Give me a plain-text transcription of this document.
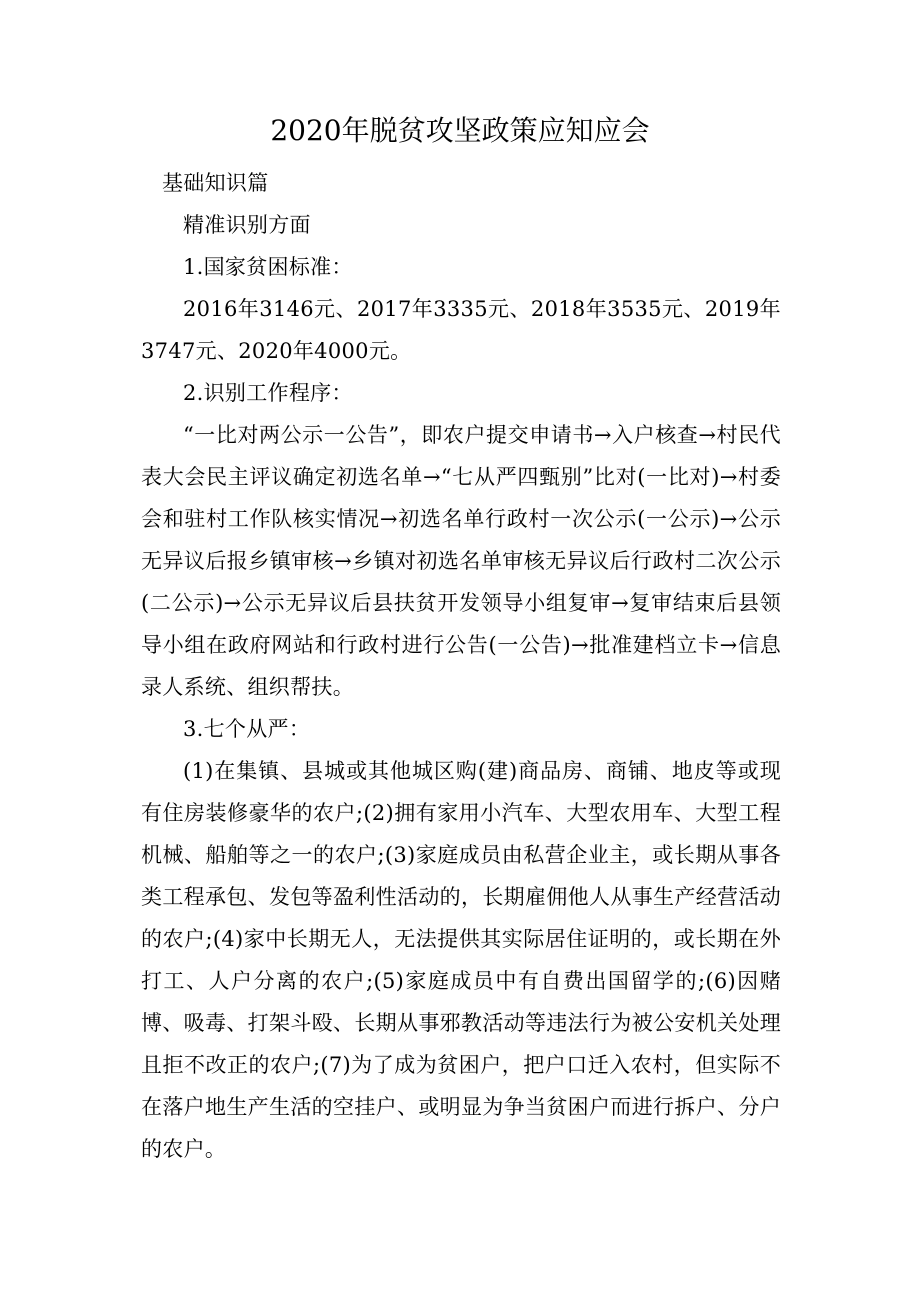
2020年脱贫攻坚政策应知应会

基础知识篇

精准识别方面

1.国家贫困标准：

2016年3146元、2017年3335元、2018年3535元、2019年3747元、2020年4000元。

2.识别工作程序：

“一比对两公示一公告”，即农户提交申请书→入户核查→村民代表大会民主评议确定初选名单→“七从严四甄别”比对(一比对)→村委会和驻村工作队核实情况→初选名单行政村一次公示(一公示)→公示无异议后报乡镇审核→乡镇对初选名单审核无异议后行政村二次公示(二公示)→公示无异议后县扶贫开发领导小组复审→复审结束后县领导小组在政府网站和行政村进行公告(一公告)→批准建档立卡→信息录人系统、组织帮扶。

3.七个从严：

(1)在集镇、县城或其他城区购(建)商品房、商铺、地皮等或现有住房装修豪华的农户;(2)拥有家用小汽车、大型农用车、大型工程机械、船舶等之一的农户;(3)家庭成员由私营企业主，或长期从事各类工程承包、发包等盈利性活动的，长期雇佣他人从事生产经营活动的农户;(4)家中长期无人，无法提供其实际居住证明的，或长期在外打工、人户分离的农户;(5)家庭成员中有自费出国留学的;(6)因赌博、吸毒、打架斗殴、长期从事邪教活动等违法行为被公安机关处理且拒不改正的农户;(7)为了成为贫困户，把户口迁入农村，但实际不在落户地生产生活的空挂户、或明显为争当贫困户而进行拆户、分户的农户。
